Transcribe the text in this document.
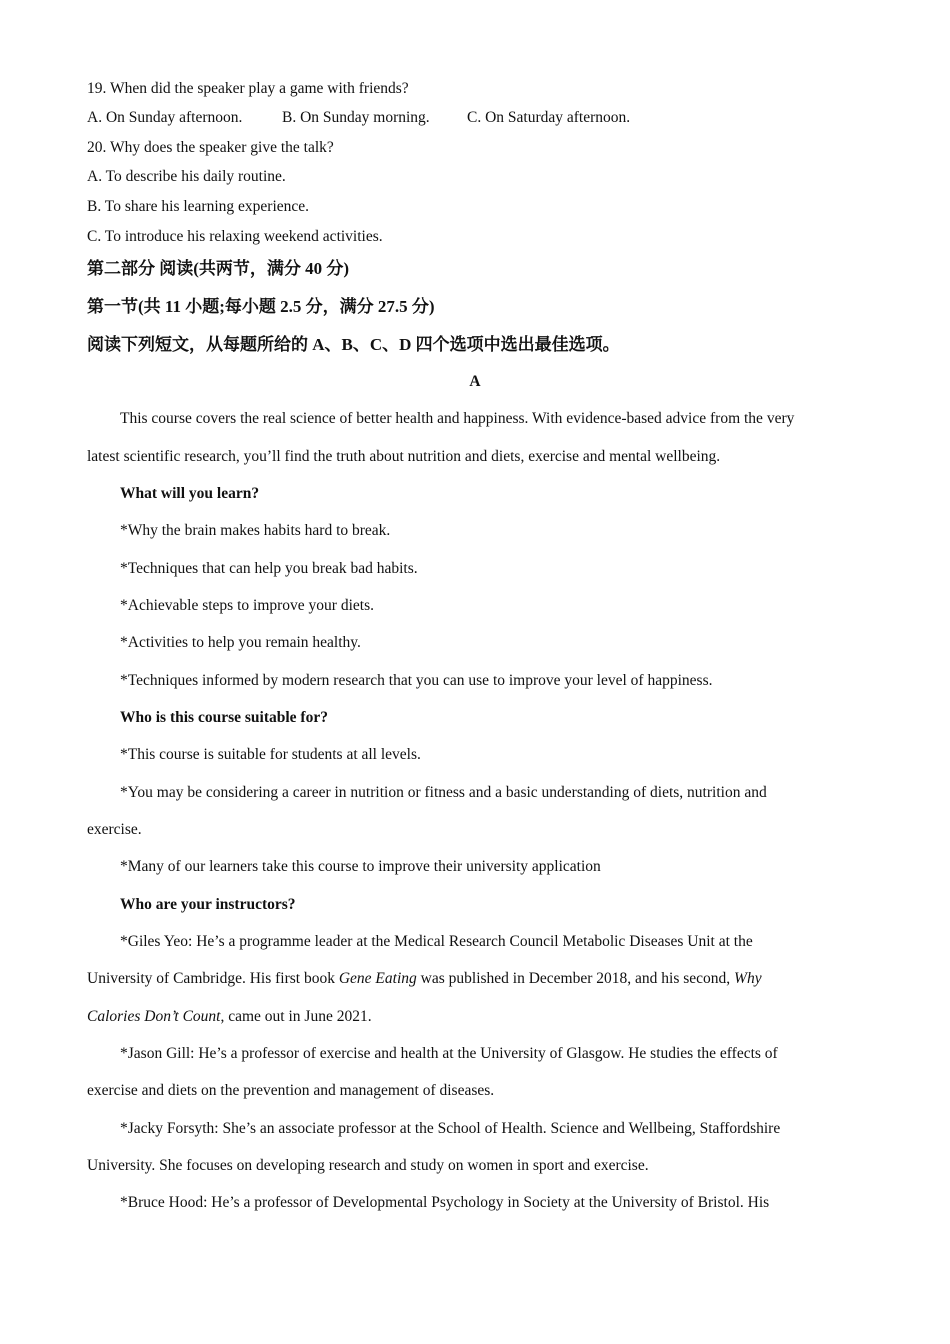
19. When did the speaker play a game with friends?
A. On Sunday afternoon.	B. On Sunday morning. C. On Saturday afternoon.
20. Why does the speaker give the talk?
A. To describe his daily routine.
B. To share his learning experience.
C. To introduce his relaxing weekend activities.
第二部分 阅读(共两节，满分 40 分)
第一节(共 11 小题;每小题 2.5 分，满分 27.5 分)
阅读下列短文，从每题所给的 A、B、C、D 四个选项中选出最佳选项。
A
This course covers the real science of better health and happiness. With evidence-based advice from the very
latest scientific research, you’ll find the truth about nutrition and diets, exercise and mental wellbeing.
What will you learn?
*Why the brain makes habits hard to break.
*Techniques that can help you break bad habits.
*Achievable steps to improve your diets.
*Activities to help you remain healthy.
*Techniques informed by modern research that you can use to improve your level of happiness.
Who is this course suitable for?
*This course is suitable for students at all levels.
*You may be considering a career in nutrition or fitness and a basic understanding of diets, nutrition and
exercise.
*Many of our learners take this course to improve their university application
Who are your instructors?
*Giles Yeo: He’s a programme leader at the Medical Research Council Metabolic Diseases Unit at the
University of Cambridge. His first book Gene Eating was published in December 2018, and his second, Why
Calories Don’t Count, came out in June 2021.
*Jason Gill: He’s a professor of exercise and health at the University of Glasgow. He studies the effects of
exercise and diets on the prevention and management of diseases.
*Jacky Forsyth: She’s an associate professor at the School of Health. Science and Wellbeing, Staffordshire
University. She focuses on developing research and study on women in sport and exercise.
*Bruce Hood: He’s a professor of Developmental Psychology in Society at the University of Bristol. His
